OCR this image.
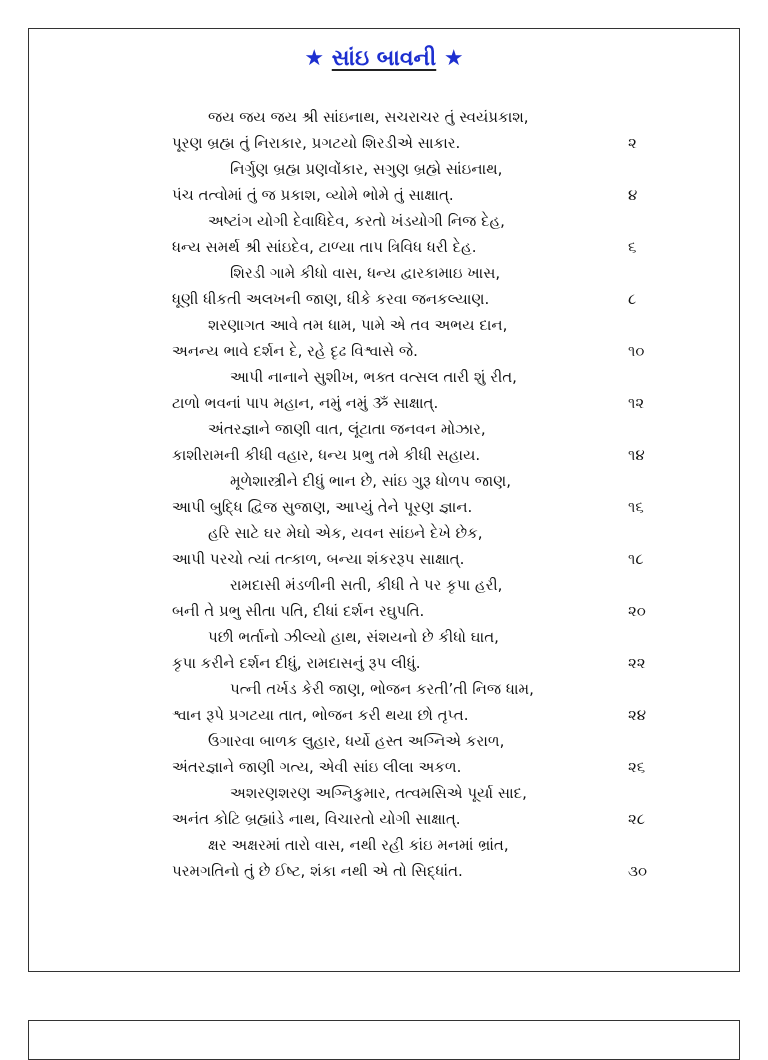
★ સાંઇ બાવની ★
જય જય જય શ્રી સાંઇનાથ, સચરાચર તું સ્વયંપ્રકાશ,
પૂરણ બ્રહ્મ તું નિરાકાર, પ્રગટયો શિરડીએ સાકાર.	૨
નિર્ગુણ બ્રહ્મ પ્રણવોંકાર, સગુણ બ્રહ્મે સાંઇનાથ,
પંચ તત્વોમાં તું જ પ્રકાશ, વ્યોમે ભોમે તું સાક્ષાત્.	૪
અષ્ટાંગ યોગી દેવાધિદેવ, કરતો ખંડયોગી નિજ દેહ,
ધન્ય સમર્થ શ્રી સાંઇદેવ, ટાળ્યા તાપ ત્રિવિધ ધરી દેહ.	૬
શિરડી ગામે કીધો વાસ, ધન્ય દ્વારકામાઇ ખાસ,
ધૂણી ધીકતી અલખની જાણ, ધીકે કરવા જનકલ્યાણ.	૮
શરણાગત આવે તમ ધામ, પામે એ તવ અભય દાન,
અનન્ય ભાવે દર્શન દે, રહે દૃઢ વિશ્વાસે જે.	૧૦
આપી નાનાને સુશીખ, ભક્ત વત્સલ તારી શું રીત,
ટાળો ભવનાં પાપ મહાન, નમું નમું ૐ સાક્ષાત્.	૧૨
અંતરજ્ઞાને જાણી વાત, લૂંટાતા જનવન મોઝાર,
કાશીરામની કીધી વહાર, ધન્ય પ્રભુ તમે કીધી સહાય.	૧૪
મૂળેશાસ્ત્રીને દીધું ભાન છે, સાંઇ ગુરૂ ધોળપ જાણ,
આપી બુદ્ધિ દ્વિજ સુજાણ, આપ્યું તેને પૂરણ જ્ઞાન.	૧૬
હરિ સાટે ઘર મેઘો એક, યવન સાંઇને દેખે છેક,
આપી પરચો ત્યાં તત્કાળ, બન્યા શંકરરૂપ સાક્ષાત્.	૧૮
રામદાસી મંડળીની સતી, કીધી તે પર કૃપા હરી,
બની તે પ્રભુ સીતા પતિ, દીધાં દર્શન રઘુપતિ.	૨૦
પછી ભર્તાનો ઝીલ્યો હાથ, સંશયનો છે કીધો ઘાત,
કૃપા કરીને દર્શન દીધું, રામદાસનું રૂપ લીધું.	૨૨
પત્ની તર્ખડ કેરી જાણ, ભોજન કરતી’તી નિજ ધામ,
શ્વાન રૂપે પ્રગટયા તાત, ભોજન કરી થયા છો તૃપ્ત.	૨૪
ઉગારવા બાળક લુહાર, ધર્યો હસ્ત અગ્નિએ કરાળ,
અંતરજ્ઞાને જાણી ગત્ય, એવી સાંઇ લીલા અકળ.	૨૬
અશરણશરણ અગ્નિકુમાર, તત્વમસિએ પૂર્યા સાદ,
અનંત કોટિ બ્રહ્માંડે નાથ, વિચારતો યોગી સાક્ષાત્.	૨૮
ક્ષર અક્ષરમાં તારો વાસ, નથી રહી કાંઇ મનમાં ભ્રાંત,
પરમગતિનો તું છે ઈષ્ટ, શંકા નથી એ તો સિદ્ધાંત.	૩૦
